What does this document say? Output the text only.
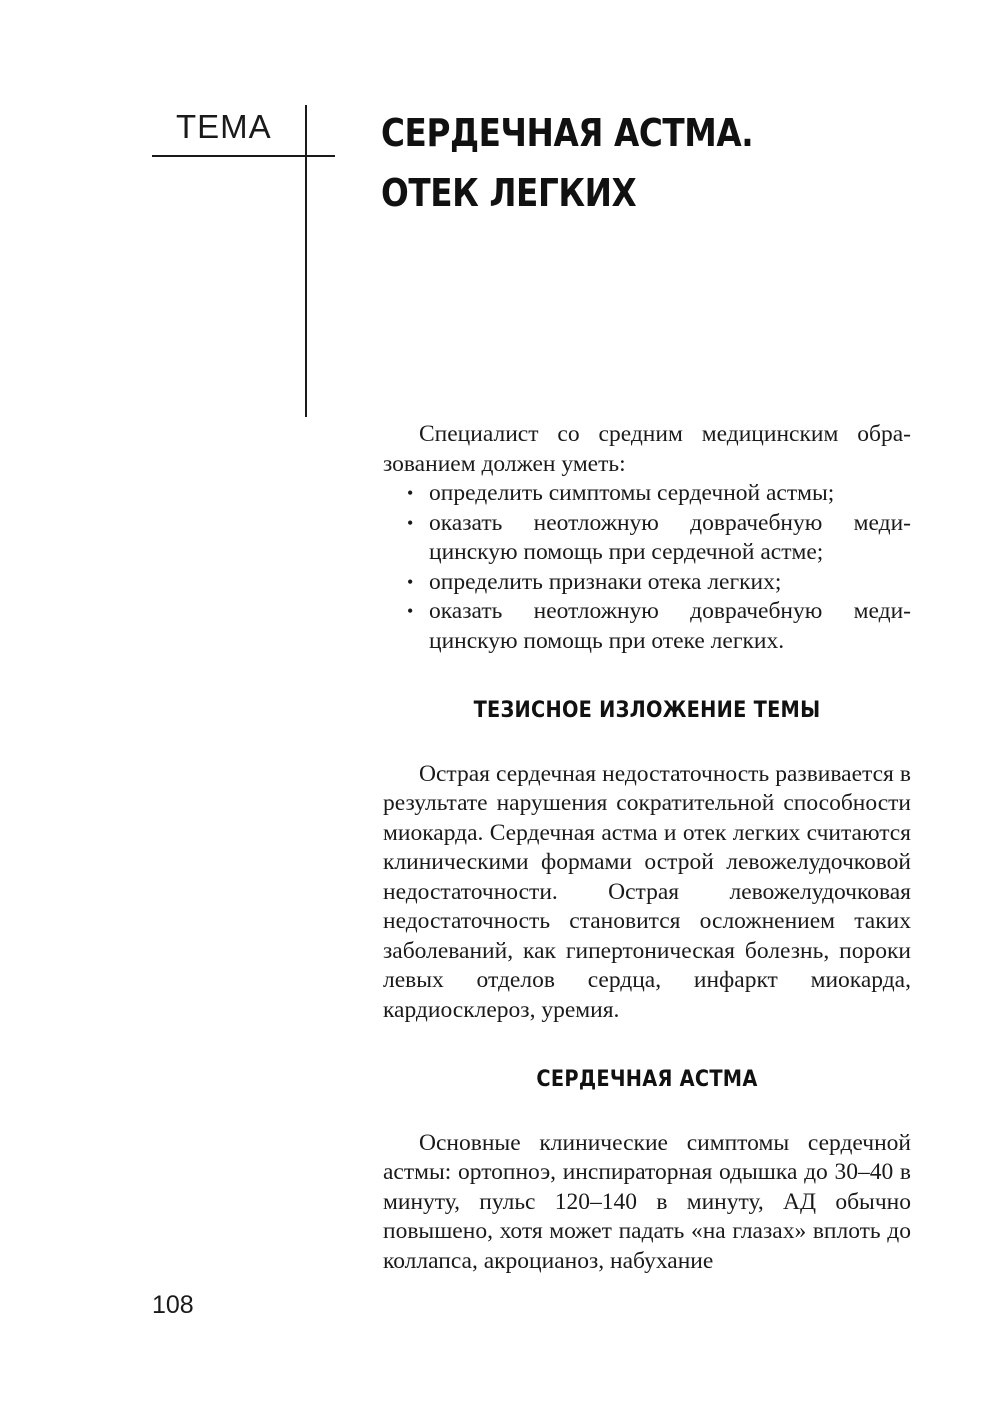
ТЕМА	СЕРДЕЧНАЯ АСТМА.
ОТЕК ЛЕГКИХ

Специалист со средним медицинским образованием должен уметь:

• определить симптомы сердечной астмы;
• оказать неотложную доврачебную медицинскую помощь при сердечной астме;
• определить признаки отека легких;
• оказать неотложную доврачебную медицинскую помощь при отеке легких.
ТЕЗИСНОЕ ИЗЛОЖЕНИЕ ТЕМЫ

Острая сердечная недостаточность развивается в результате нарушения сократительной способности миокарда. Сердечная астма и отек легких считаются клиническими формами острой левожелудочковой недостаточности. Острая левожелудочковая недостаточность становится осложнением таких заболеваний, как гипертоническая болезнь, пороки левых отделов сердца, инфаркт миокарда, кардиосклероз, уремия.

СЕРДЕЧНАЯ АСТМА

Основные клинические симптомы сердечной астмы: ортопноэ, инспираторная одышка до 30–40 в минуту, пульс 120–140 в минуту, АД обычно повышено, хотя может падать «на глазах» вплоть до коллапса, акроцианоз, набухание

108
